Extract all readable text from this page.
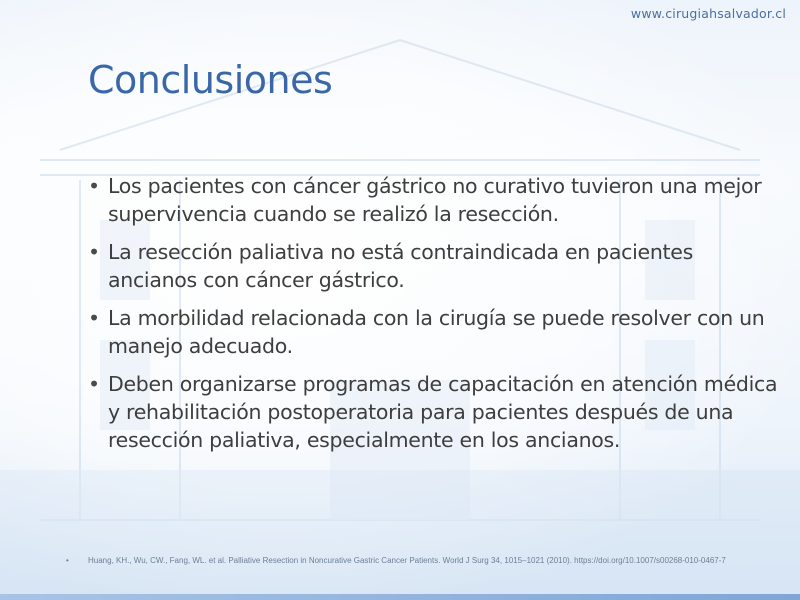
www.cirugiahsalvador.cl
Conclusiones
• Los pacientes con cáncer gástrico no curativo tuvieron una mejor supervivencia cuando se realizó la resección.
• La resección paliativa no está contraindicada en pacientes ancianos con cáncer gástrico.
• La morbilidad relacionada con la cirugía se puede resolver con un manejo adecuado.
• Deben organizarse programas de capacitación en atención médica y rehabilitación postoperatoria para pacientes después de una resección paliativa, especialmente en los ancianos.
•	Huang, KH., Wu, CW., Fang, WL. et al. Palliative Resection in Noncurative Gastric Cancer Patients. World J Surg 34, 1015–1021 (2010). https://doi.org/10.1007/s00268-010-0467-7
